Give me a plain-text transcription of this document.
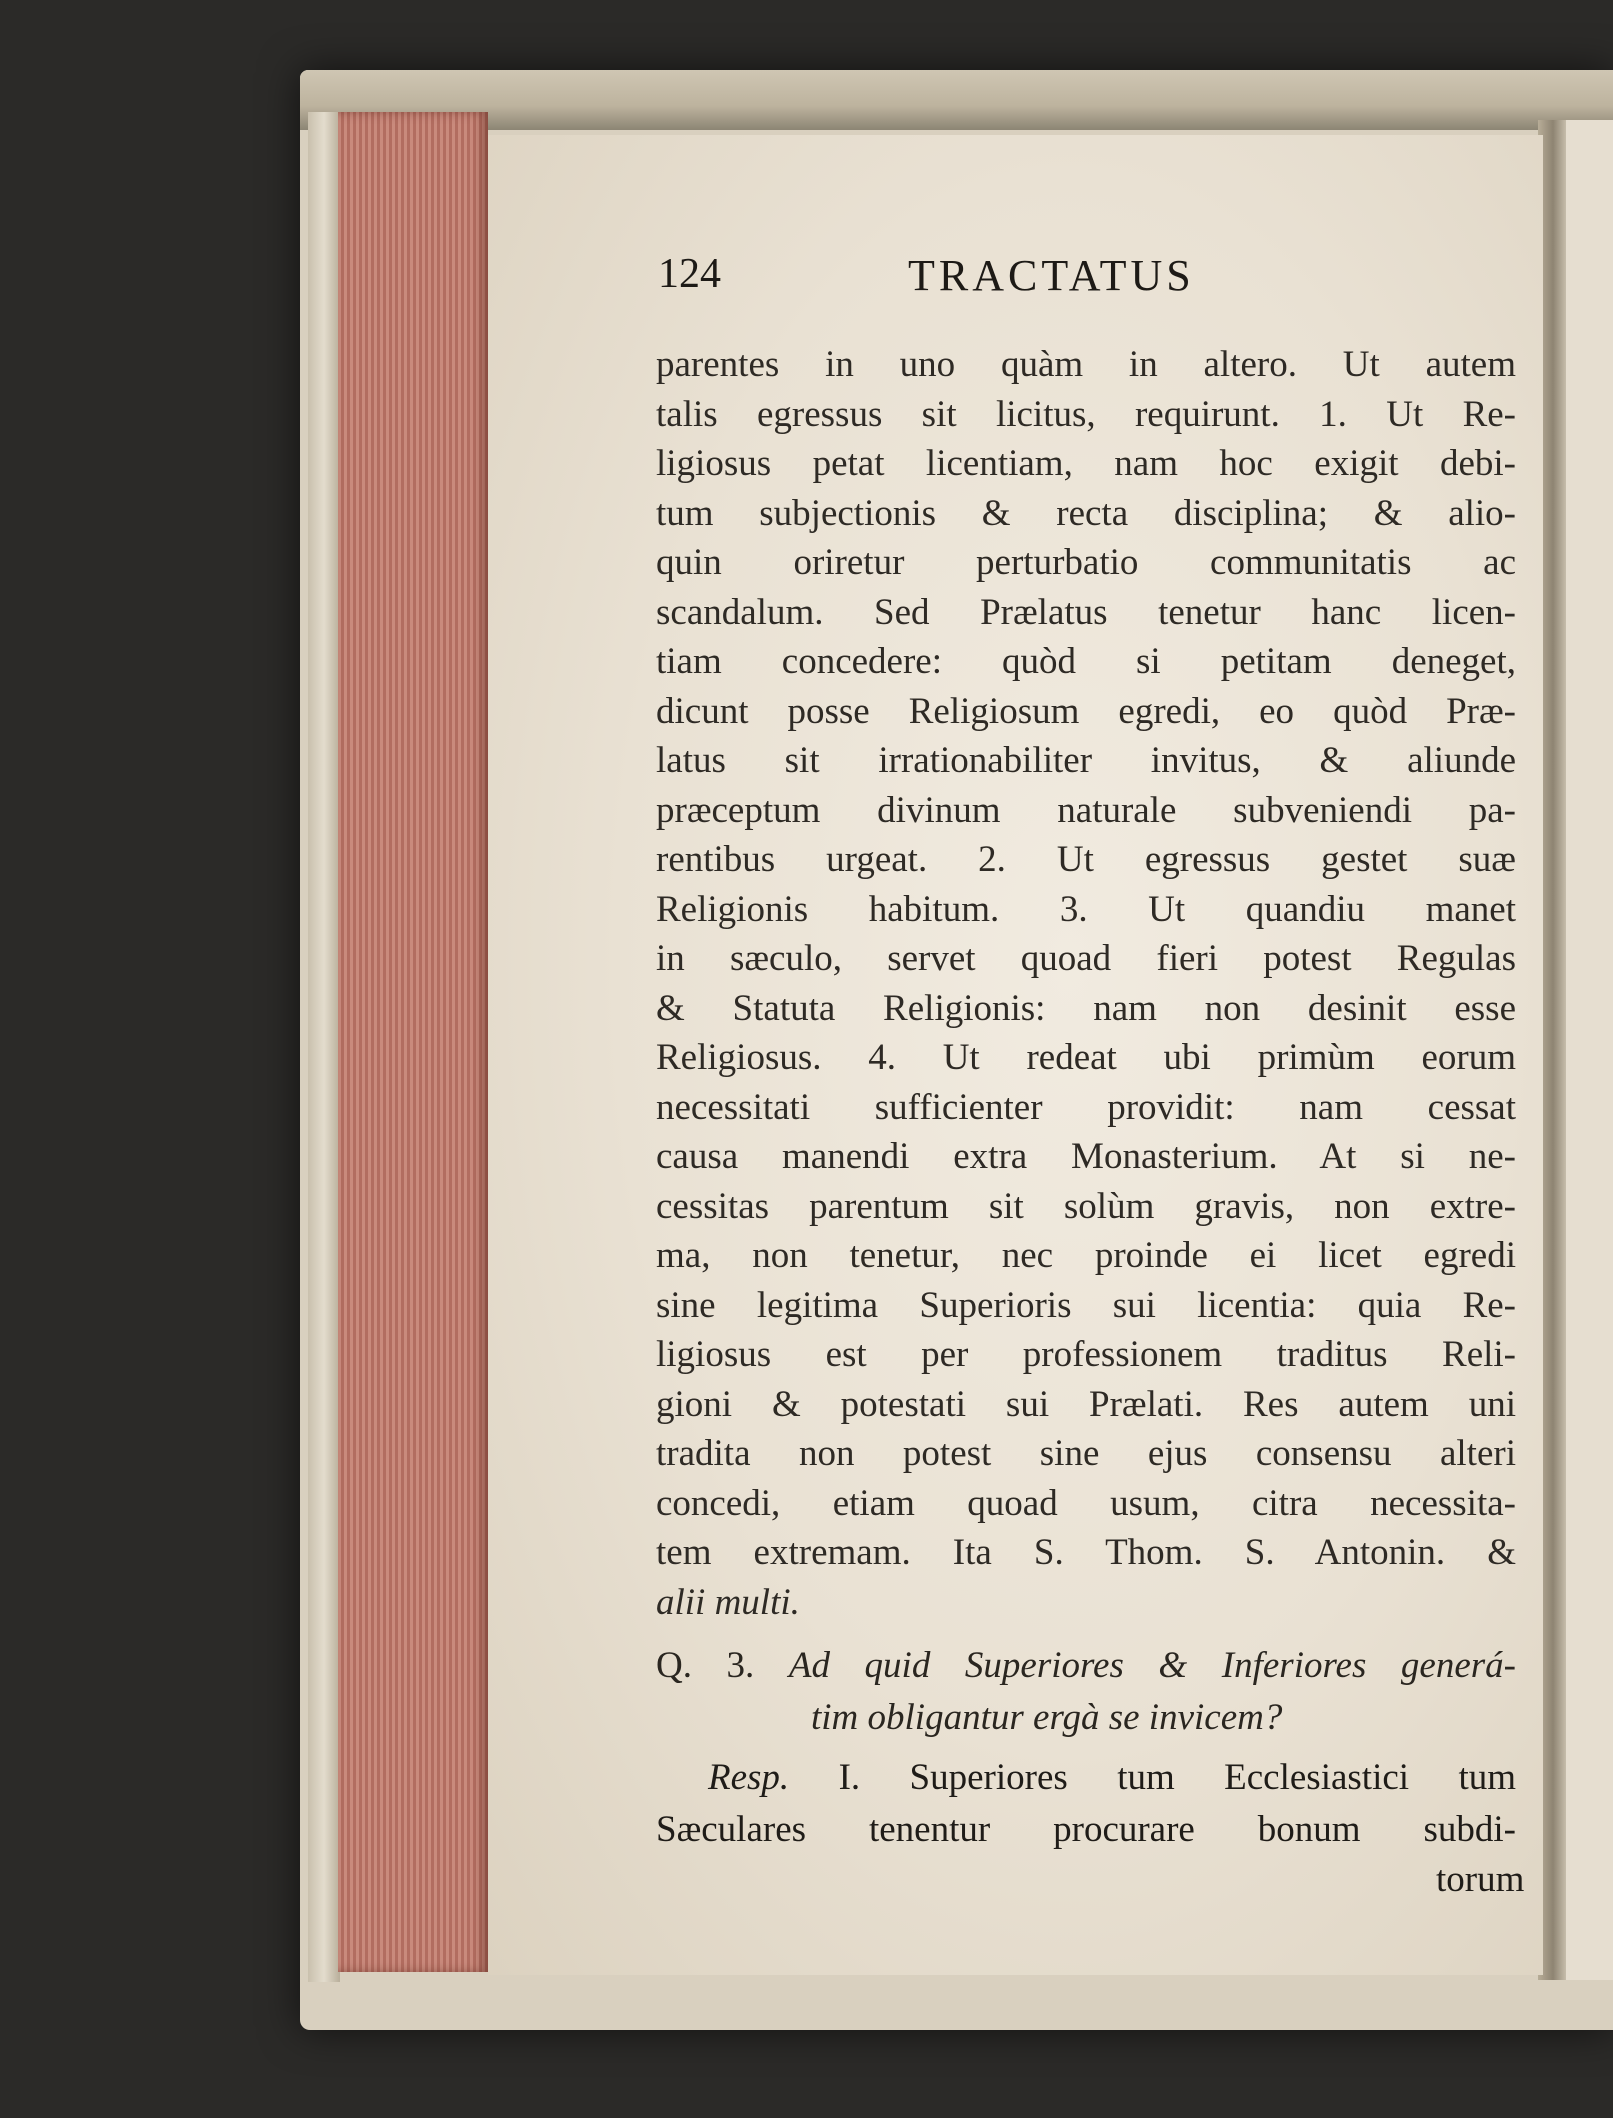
124	TRACTATUS
parentes in uno quàm in altero. Ut autem
talis egressus sit licitus, requirunt. 1. Ut Re-
ligiosus petat licentiam, nam hoc exigit debi-
tum subjectionis & recta disciplina; & alio-
quin oriretur perturbatio communitatis ac
scandalum. Sed Prælatus tenetur hanc licen-
tiam concedere: quòd si petitam deneget,
dicunt posse Religiosum egredi, eo quòd Præ-
latus sit irrationabiliter invitus, & aliunde
præceptum divinum naturale subveniendi pa-
rentibus urgeat. 2. Ut egressus gestet suæ
Religionis habitum. 3. Ut quandiu manet
in sæculo, servet quoad fieri potest Regulas
& Statuta Religionis: nam non desinit esse
Religiosus. 4. Ut redeat ubi primùm eorum
necessitati sufficienter providit: nam cessat
causa manendi extra Monasterium. At si ne-
cessitas parentum sit solùm gravis, non extre-
ma, non tenetur, nec proinde ei licet egredi
sine legitima Superioris sui licentia: quia Re-
ligiosus est per professionem traditus Reli-
gioni & potestati sui Prælati. Res autem uni
tradita non potest sine ejus consensu alteri
concedi, etiam quoad usum, citra necessita-
tem extremam. Ita S. Thom. S. Antonin. &
alii multi.
Q. 3. Ad quid Superiores & Inferiores generá-
tim obligantur ergà se invicem?
Resp. I. Superiores tum Ecclesiastici tum
Sæculares tenentur procurare bonum subdi-
torum
